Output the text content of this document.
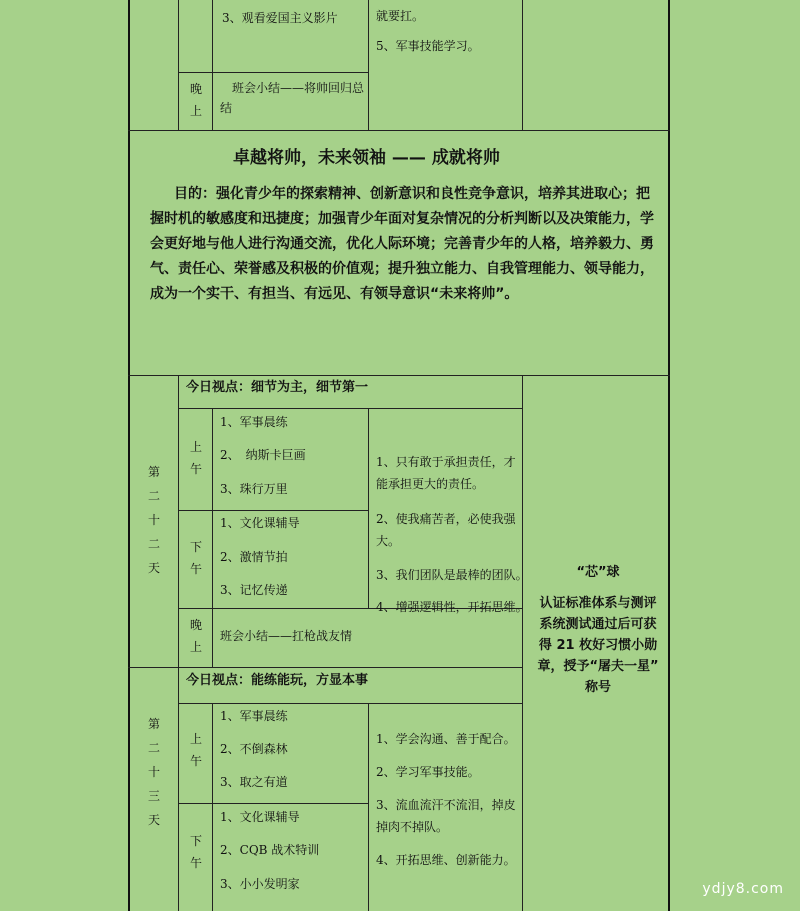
3、观看爱国主义影片	就要扛。
5、军事技能学习。
晚上
班会小结——将帅回归总
结
卓越将帅，未来领袖 —— 成就将帅
目的：强化青少年的探索精神、创新意识和良性竞争意识，培养其进取心；把握时机的敏感度和迅捷度；加强青少年面对复杂情况的分析判断以及决策能力，学会更好地与他人进行沟通交流，优化人际环境；完善青少年的人格，培养毅力、勇气、责任心、荣誉感及积极的价值观；提升独立能力、自我管理能力、领导能力，成为一个实干、有担当、有远见、有领导意识“未来将帅”。
第二十二天
今日视点：细节为主，细节第一
上午
1、军事晨练
2、　纳斯卡巨画
3、珠行万里
下午
1、文化课辅导
2、激情节拍
3、记忆传递
晚上
班会小结——扛枪战友情
1、只有敢于承担责任，才
能承担更大的责任。
2、使我痛苦者，必使我强
大。
3、我们团队是最棒的团队。
4、增强逻辑性，开拓思维。
“芯”球
认证标准体系与测评
系统测试通过后可获
得 21 枚好习惯小勋
章，授予“屠夫一星”
称号
第二十三天
今日视点：能练能玩，方显本事
上午
1、军事晨练
2、不倒森林
3、取之有道
下午
1、文化课辅导
2、CQB 战术特训
3、小小发明家
1、学会沟通、善于配合。
2、学习军事技能。
3、流血流汗不流泪，掉皮
掉肉不掉队。
4、开拓思维、创新能力。
ydjy8.com
